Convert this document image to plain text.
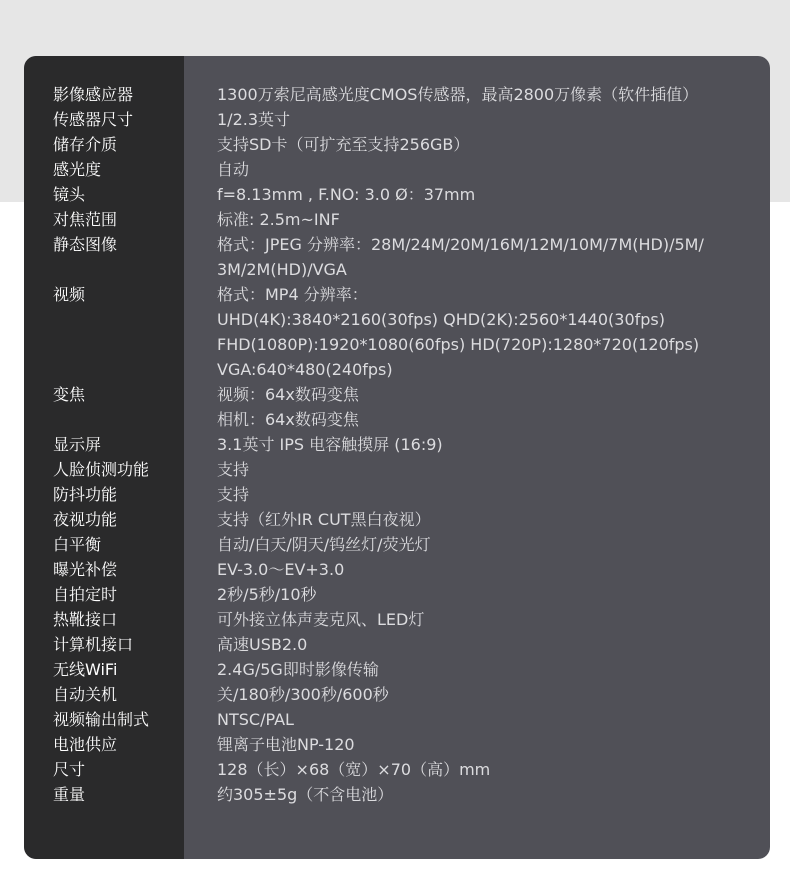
影像感应器	1300万索尼高感光度CMOS传感器，最高2800万像素（软件插值）
传感器尺寸	1/2.3英寸
储存介质	支持SD卡（可扩充至支持256GB）
感光度	自动
镜头	f=8.13mm , F.NO: 3.0 Ø：37mm
对焦范围	标准: 2.5m~INF
静态图像	格式：JPEG 分辨率：28M/24M/20M/16M/12M/10M/7M(HD)/5M/
3M/2M(HD)/VGA
视频	格式：MP4 分辨率：
UHD(4K):3840*2160(30fps) QHD(2K):2560*1440(30fps)
FHD(1080P):1920*1080(60fps) HD(720P):1280*720(120fps)
VGA:640*480(240fps)
变焦	视频：64x数码变焦
相机：64x数码变焦
显示屏	3.1英寸 IPS 电容触摸屏 (16:9)
人脸侦测功能	支持
防抖功能	支持
夜视功能	支持（红外IR CUT黑白夜视）
白平衡	自动/白天/阴天/钨丝灯/荧光灯
曝光补偿	EV-3.0～EV+3.0
自拍定时	2秒/5秒/10秒
热靴接口	可外接立体声麦克风、LED灯
计算机接口	高速USB2.0
无线WiFi	2.4G/5G即时影像传输
自动关机	关/180秒/300秒/600秒
视频输出制式	NTSC/PAL
电池供应	锂离子电池NP-120
尺寸	128（长）×68（宽）×70（高）mm
重量	约305±5g（不含电池）
